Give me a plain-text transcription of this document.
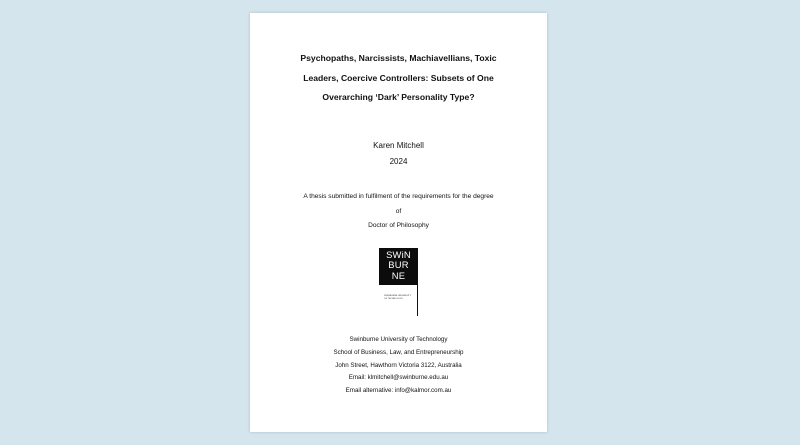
Psychopaths, Narcissists, Machiavellians, Toxic
Leaders, Coercive Controllers: Subsets of One
Overarching ‘Dark’ Personality Type?
Karen Mitchell
2024
A thesis submitted in fulfilment of the requirements for the degree
of
Doctor of Philosophy
SWiN
BUR
NE
SWINBURNE UNIVERSITY
OF TECHNOLOGY
Swinburne University of Technology
School of Business, Law, and Entrepreneurship
John Street, Hawthorn Victoria 3122, Australia
Email: klmitchell@swinburne.edu.au
Email alternative: info@kalmor.com.au
